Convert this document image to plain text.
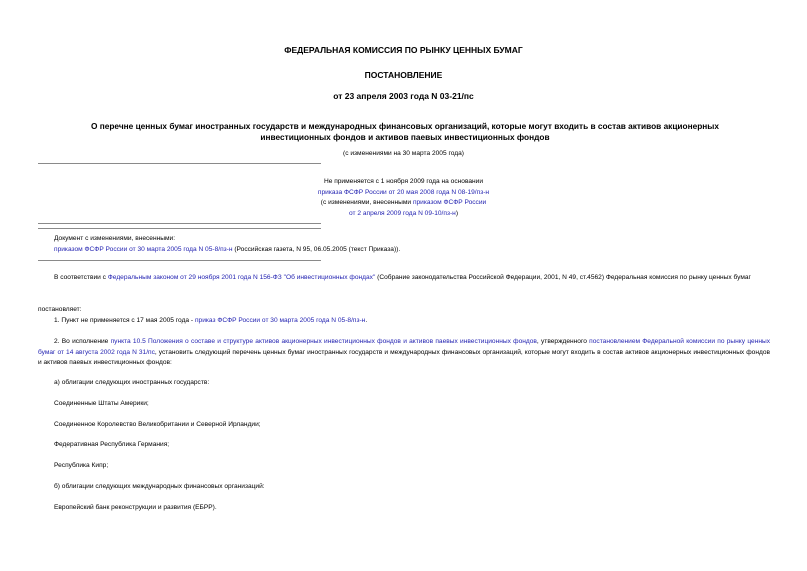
ФЕДЕРАЛЬНАЯ КОМИССИЯ ПО РЫНКУ ЦЕННЫХ БУМАГ
ПОСТАНОВЛЕНИЕ
от 23 апреля 2003 года N 03-21/пс
О перечне ценных бумаг иностранных государств и международных финансовых организаций, которые могут входить в состав активов акционерных
инвестиционных фондов и активов паевых инвестиционных фондов
(с изменениями на 30 марта 2005 года)
Не применяется с 1 ноября 2009 года на основании
приказа ФСФР России от 20 мая 2008 года N 08-19/пз-н
(с изменениями, внесенными приказом ФСФР России
от 2 апреля 2009 года N 09-10/пз-н)
Документ с изменениями, внесенными:
приказом ФСФР России от 30 марта 2005 года N 05-8/пз-н (Российская газета, N 95, 06.05.2005 (текст Приказа)).
В соответствии с Федеральным законом от 29 ноября 2001 года N 156-ФЗ "Об инвестиционных фондах" (Собрание законодательства Российской Федерации, 2001, N 49, ст.4562) Федеральная комиссия по рынку ценных бумаг
постановляет:
1. Пункт не применяется с 17 мая 2005 года - приказ ФСФР России от 30 марта 2005 года N 05-8/пз-н.
2. Во исполнение пункта 10.5 Положения о составе и структуре активов акционерных инвестиционных фондов и активов паевых инвестиционных фондов, утвержденного постановлением Федеральной комиссии по рынку ценных бумаг от 14 августа 2002 года N 31/пс, установить следующий перечень ценных бумаг иностранных государств и международных финансовых организаций, которые могут входить в состав активов акционерных инвестиционных фондов и активов паевых инвестиционных фондов:
а) облигации следующих иностранных государств:
Соединенные Штаты Америки;
Соединенное Королевство Великобритании и Северной Ирландии;
Федеративная Республика Германия;
Республика Кипр;
б) облигации следующих международных финансовых организаций:
Европейский банк реконструкции и развития (ЕБРР).
